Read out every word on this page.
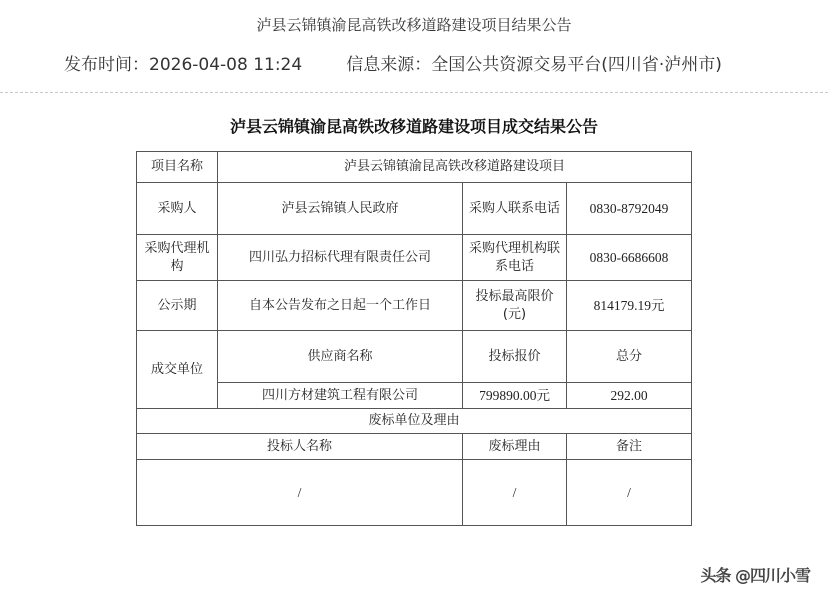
泸县云锦镇渝昆高铁改移道路建设项目结果公告
发布时间：2026-04-08 11:24	信息来源：全国公共资源交易平台(四川省·泸州市)
泸县云锦镇渝昆高铁改移道路建设项目成交结果公告
项目名称	泸县云锦镇渝昆高铁改移道路建设项目		
采购人	泸县云锦镇人民政府	采购人联系电话	0830-8792049
采购代理机构	四川弘力招标代理有限责任公司	采购代理机构联系电话	0830-6686608
公示期	自本公告发布之日起一个工作日	投标最高限价(元)	814179.19元
成交单位	供应商名称	投标报价	总分
	四川方材建筑工程有限公司	799890.00元	292.00
废标单位及理由			
投标人名称		废标理由	备注
/		/	/
头条 @四川小雪
